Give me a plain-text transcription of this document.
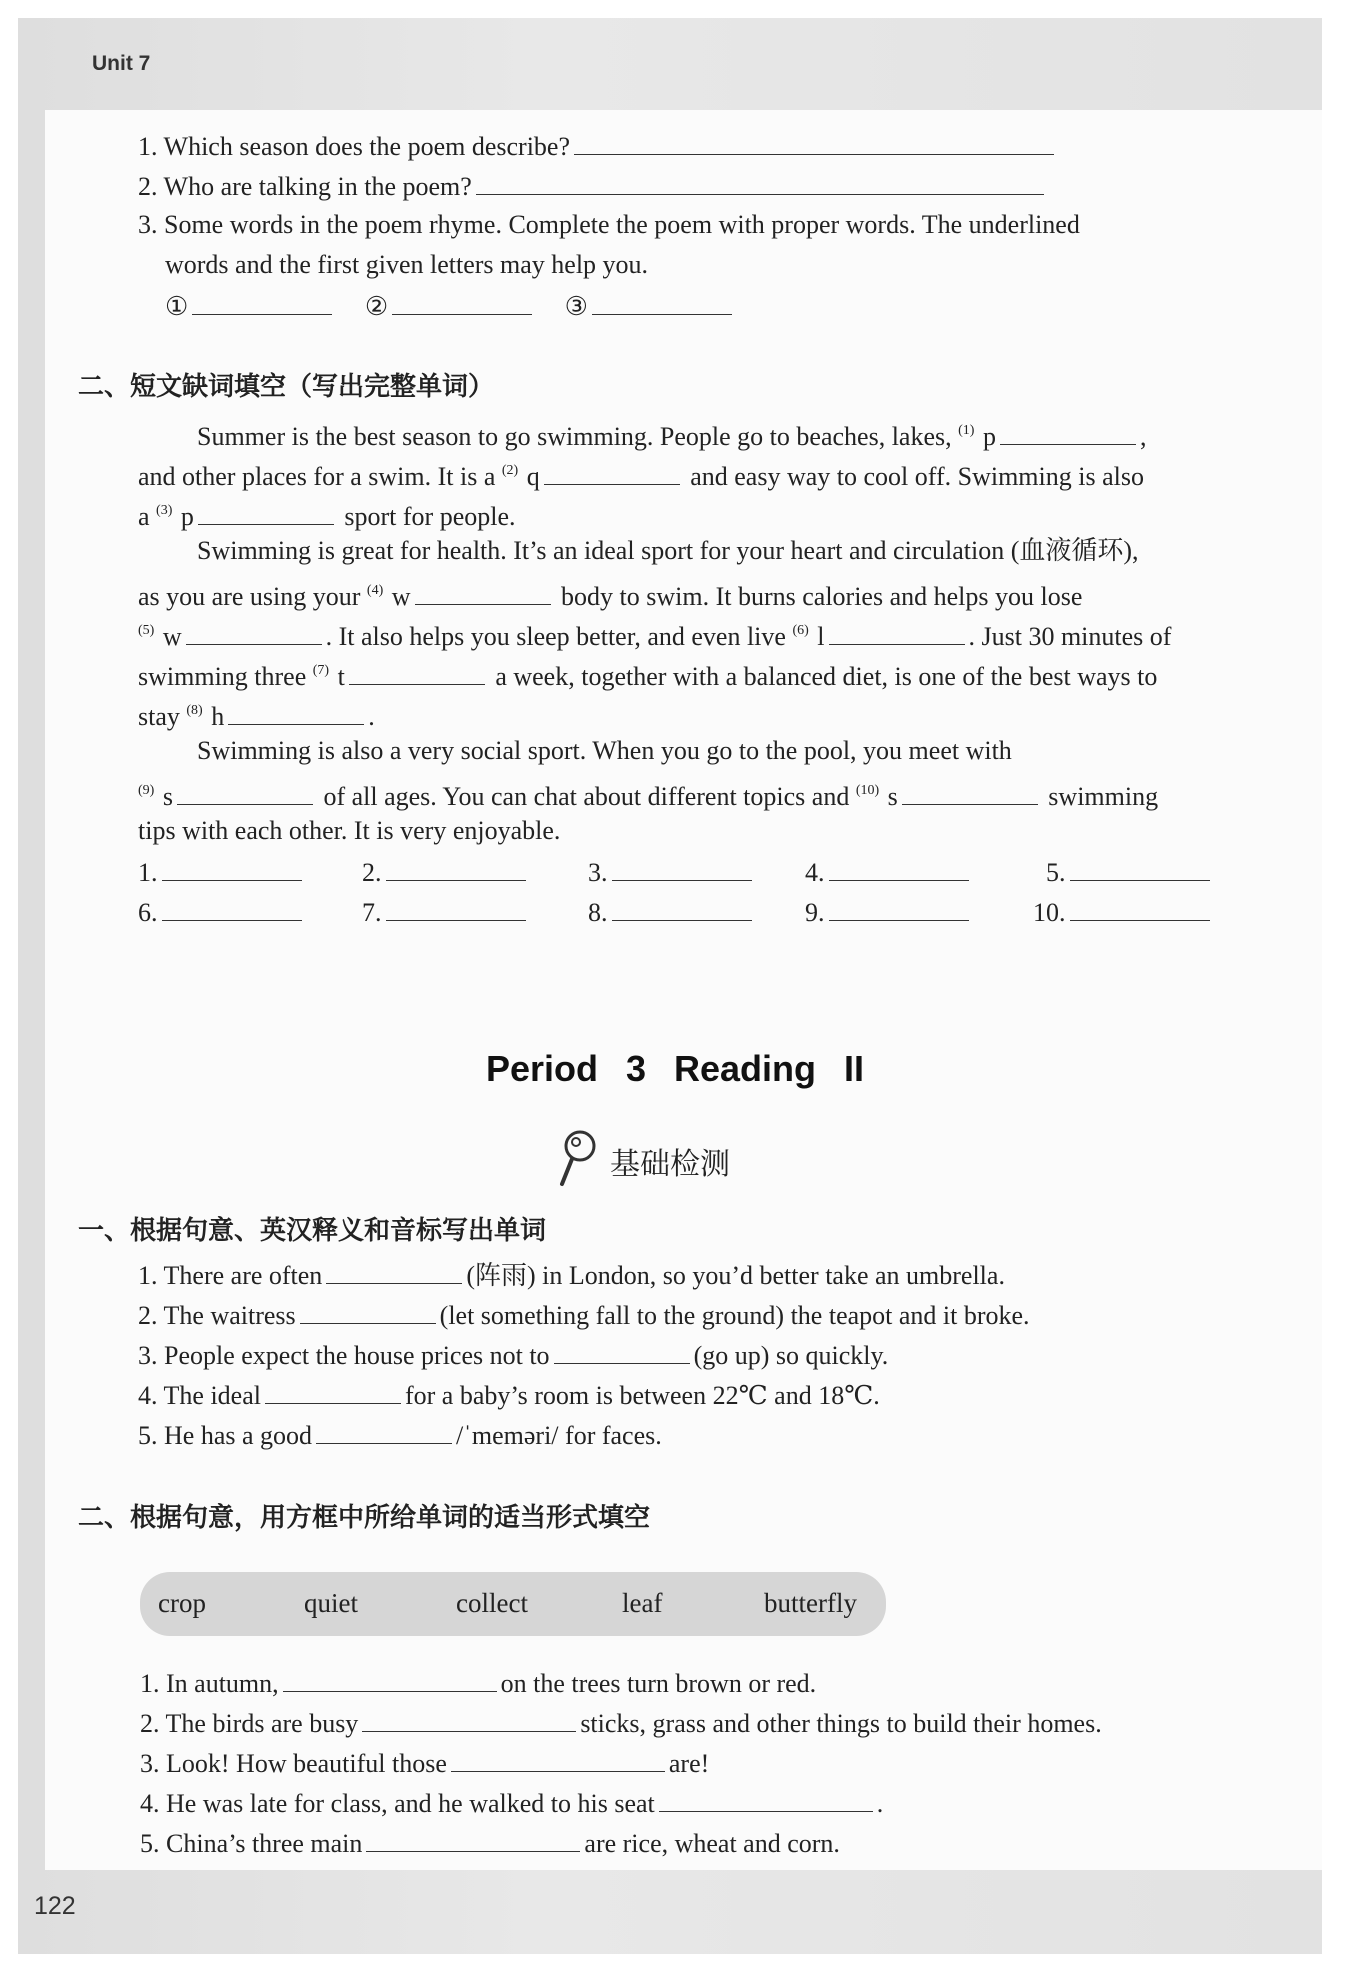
Unit 7
1. Which season does the poem describe?
2. Who are talking in the poem?
3. Some words in the poem rhyme. Complete the poem with proper words. The underlined
words and the first given letters may help you.
①	②	③
二、短文缺词填空（写出完整单词）
Summer is the best season to go swimming. People go to beaches, lakes, $^{(1)}$ p	,
and other places for a swim. It is a $^{(2)}$ q	and easy way to cool off. Swimming is also
a $^{(3)}$ p	sport for people.
Swimming is great for health. It’s an ideal sport for your heart and circulation (血液循环),
as you are using your $^{(4)}$ w	body to swim. It burns calories and helps you lose
$^{(5)}$ w	. It also helps you sleep better, and even live $^{(6)}$ l	. Just 30 minutes of
swimming three $^{(7)}$ t	a week, together with a balanced diet, is one of the best ways to
stay $^{(8)}$ h	.
Swimming is also a very social sport. When you go to the pool, you meet with
$^{(9)}$ s	of all ages. You can chat about different topics and $^{(10)}$ s	swimming
tips with each other. It is very enjoyable.
1.	2.	3.	4.	5.
6.	7.	8.	9.	10.
Period 3 Reading II
基础检测
一、根据句意、英汉释义和音标写出单词
1. There are often	(阵雨) in London, so you’d better take an umbrella.
2. The waitress	(let something fall to the ground) the teapot and it broke.
3. People expect the house prices not to	(go up) so quickly.
4. The ideal	for a baby’s room is between 22℃ and 18℃.
5. He has a good	/ˈmeməri/ for faces.
二、根据句意，用方框中所给单词的适当形式填空
crop	quiet	collect	leaf	butterfly
1. In autumn,	on the trees turn brown or red.
2. The birds are busy	sticks, grass and other things to build their homes.
3. Look! How beautiful those	are!
4. He was late for class, and he walked to his seat	.
5. China’s three main	are rice, wheat and corn.
122
